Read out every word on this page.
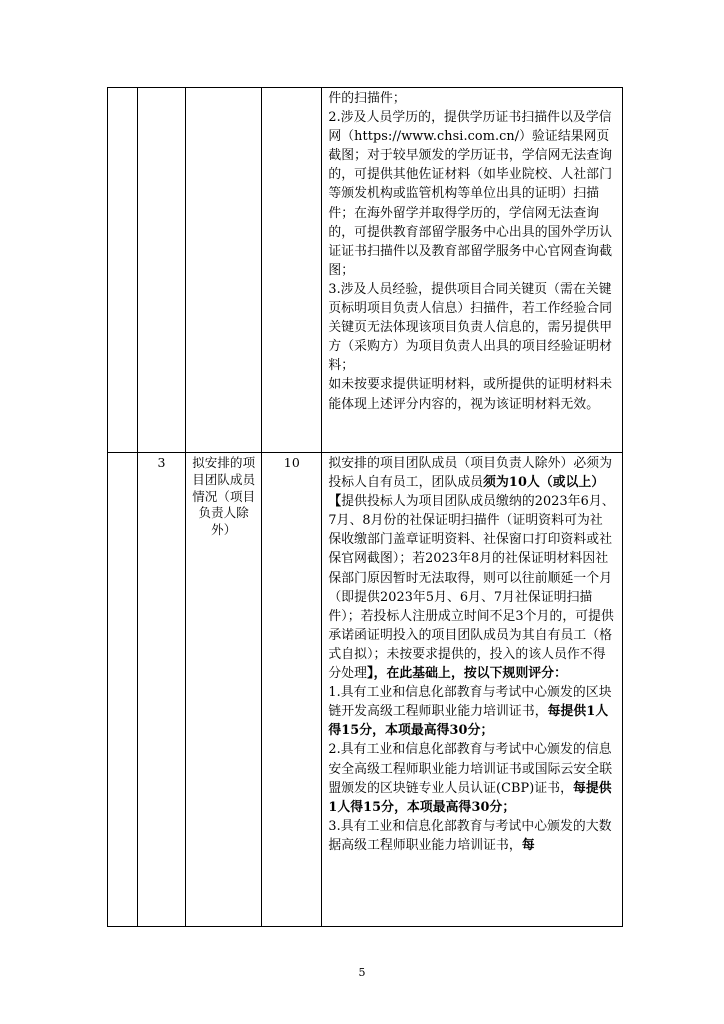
				件的扫描件；
2.涉及人员学历的，提供学历证书扫描件以及学信网（https://www.chsi.com.cn/）验证结果网页截图；对于较早颁发的学历证书，学信网无法查询的，可提供其他佐证材料（如毕业院校、人社部门等颁发机构或监管机构等单位出具的证明）扫描件；在海外留学并取得学历的，学信网无法查询的，可提供教育部留学服务中心出具的国外学历认证证书扫描件以及教育部留学服务中心官网查询截图；
3.涉及人员经验，提供项目合同关键页（需在关键页标明项目负责人信息）扫描件，若工作经验合同关键页无法体现该项目负责人信息的，需另提供甲方（采购方）为项目负责人出具的项目经验证明材料；
如未按要求提供证明材料，或所提供的证明材料未能体现上述评分内容的，视为该证明材料无效。

	3	拟安排的项目团队成员情况（项目负责人除外）	10	拟安排的项目团队成员（项目负责人除外）必须为投标人自有员工，团队成员须为10人（或以上）【提供投标人为项目团队成员缴纳的2023年6月、7月、8月份的社保证明扫描件（证明资料可为社保收缴部门盖章证明资料、社保窗口打印资料或社保官网截图）；若2023年8月的社保证明材料因社保部门原因暂时无法取得，则可以往前顺延一个月（即提供2023年5月、6月、7月社保证明扫描件）；若投标人注册成立时间不足3个月的，可提供承诺函证明投入的项目团队成员为其自有员工（格式自拟）；未按要求提供的，投入的该人员作不得分处理】，在此基础上，按以下规则评分：
1.具有工业和信息化部教育与考试中心颁发的区块链开发高级工程师职业能力培训证书，每提供1人得15分，本项最高得30分；
2.具有工业和信息化部教育与考试中心颁发的信息安全高级工程师职业能力培训证书或国际云安全联盟颁发的区块链专业人员认证(CBP)证书，每提供1人得15分，本项最高得30分；
3.具有工业和信息化部教育与考试中心颁发的大数据高级工程师职业能力培训证书，每
5
